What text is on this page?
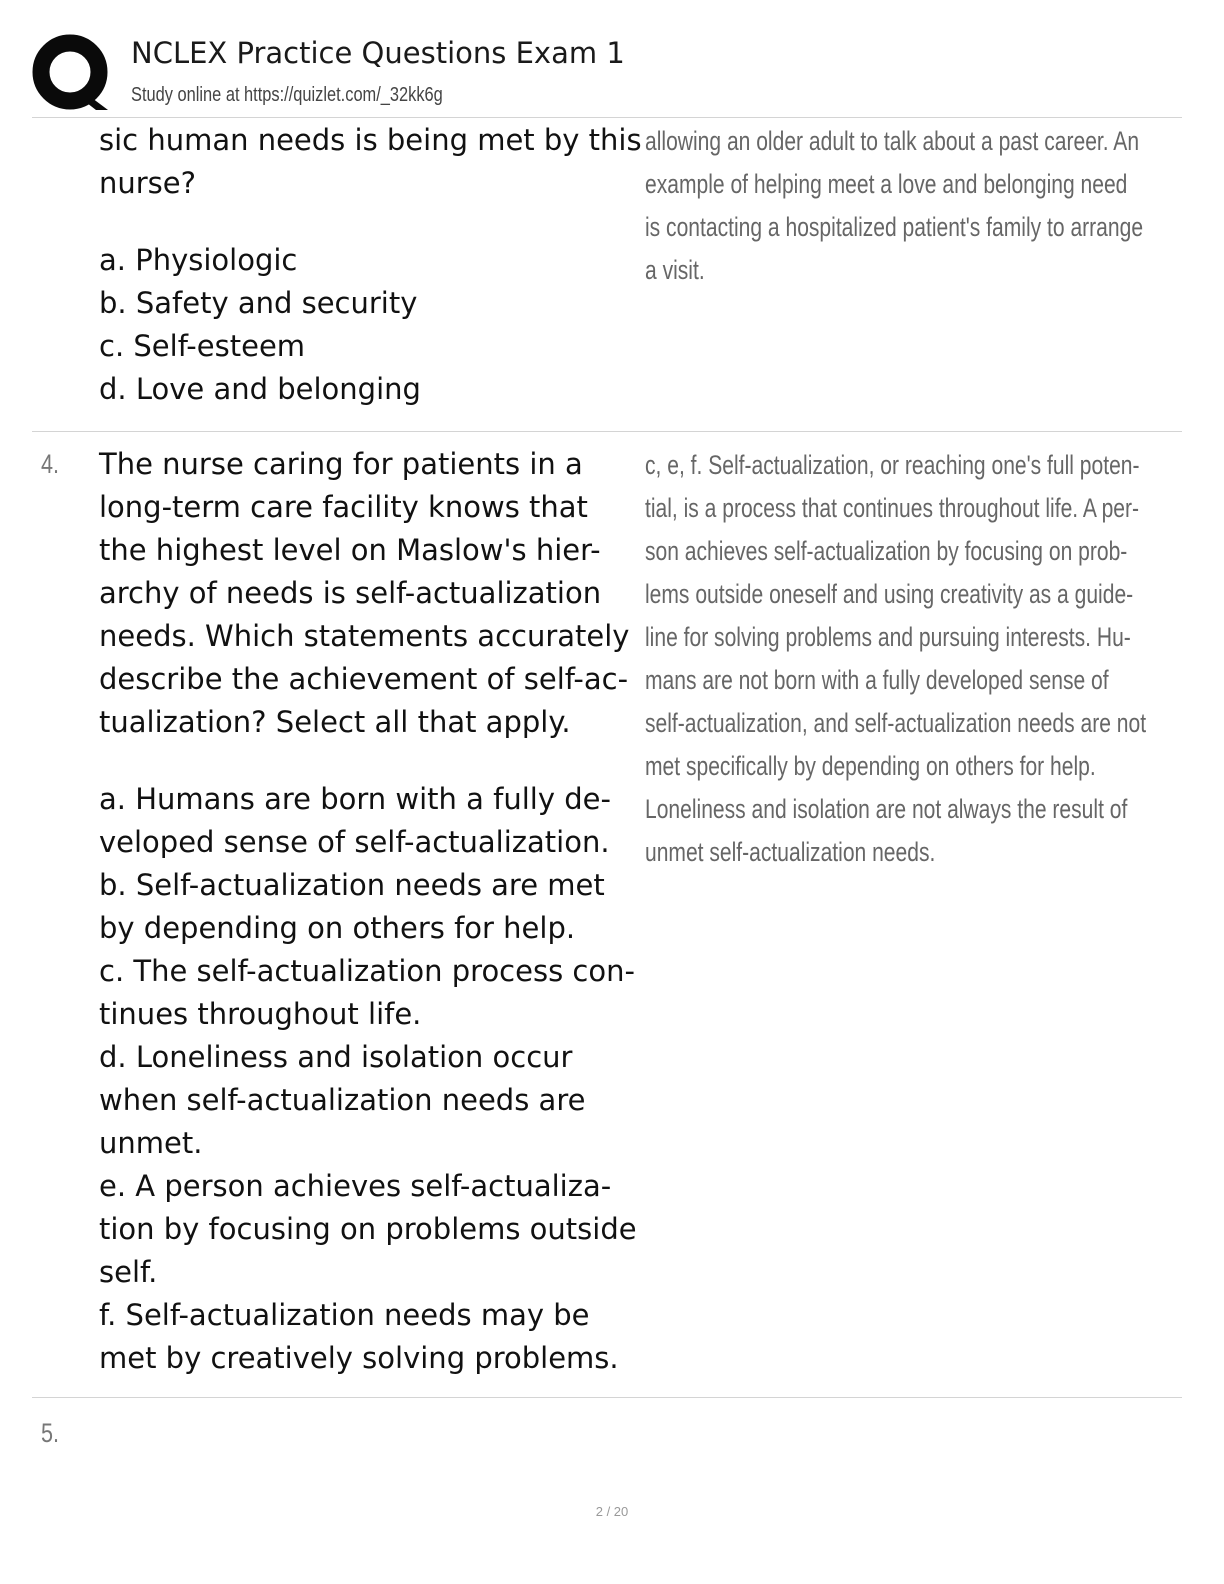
NCLEX Practice Questions Exam 1
Study online at https://quizlet.com/_32kk6g
sic human needs is being met by this
nurse?
a. Physiologic
b. Safety and security
c. Self-esteem
d. Love and belonging
allowing an older adult to talk about a past career. An
example of helping meet a love and belonging need
is contacting a hospitalized patient's family to arrange
a visit.
4. The nurse caring for patients in a
long-term care facility knows that
the highest level on Maslow's hier-
archy of needs is self-actualization
needs. Which statements accurately
describe the achievement of self-ac-
tualization? Select all that apply.
a. Humans are born with a fully de-
veloped sense of self-actualization.
b. Self-actualization needs are met
by depending on others for help.
c. The self-actualization process con-
tinues throughout life.
d. Loneliness and isolation occur
when self-actualization needs are
unmet.
e. A person achieves self-actualiza-
tion by focusing on problems outside
self.
f. Self-actualization needs may be
met by creatively solving problems.
c, e, f. Self-actualization, or reaching one's full poten-
tial, is a process that continues throughout life. A per-
son achieves self-actualization by focusing on prob-
lems outside oneself and using creativity as a guide-
line for solving problems and pursuing interests. Hu-
mans are not born with a fully developed sense of
self-actualization, and self-actualization needs are not
met specifically by depending on others for help.
Loneliness and isolation are not always the result of
unmet self-actualization needs.
5.
2 / 20
